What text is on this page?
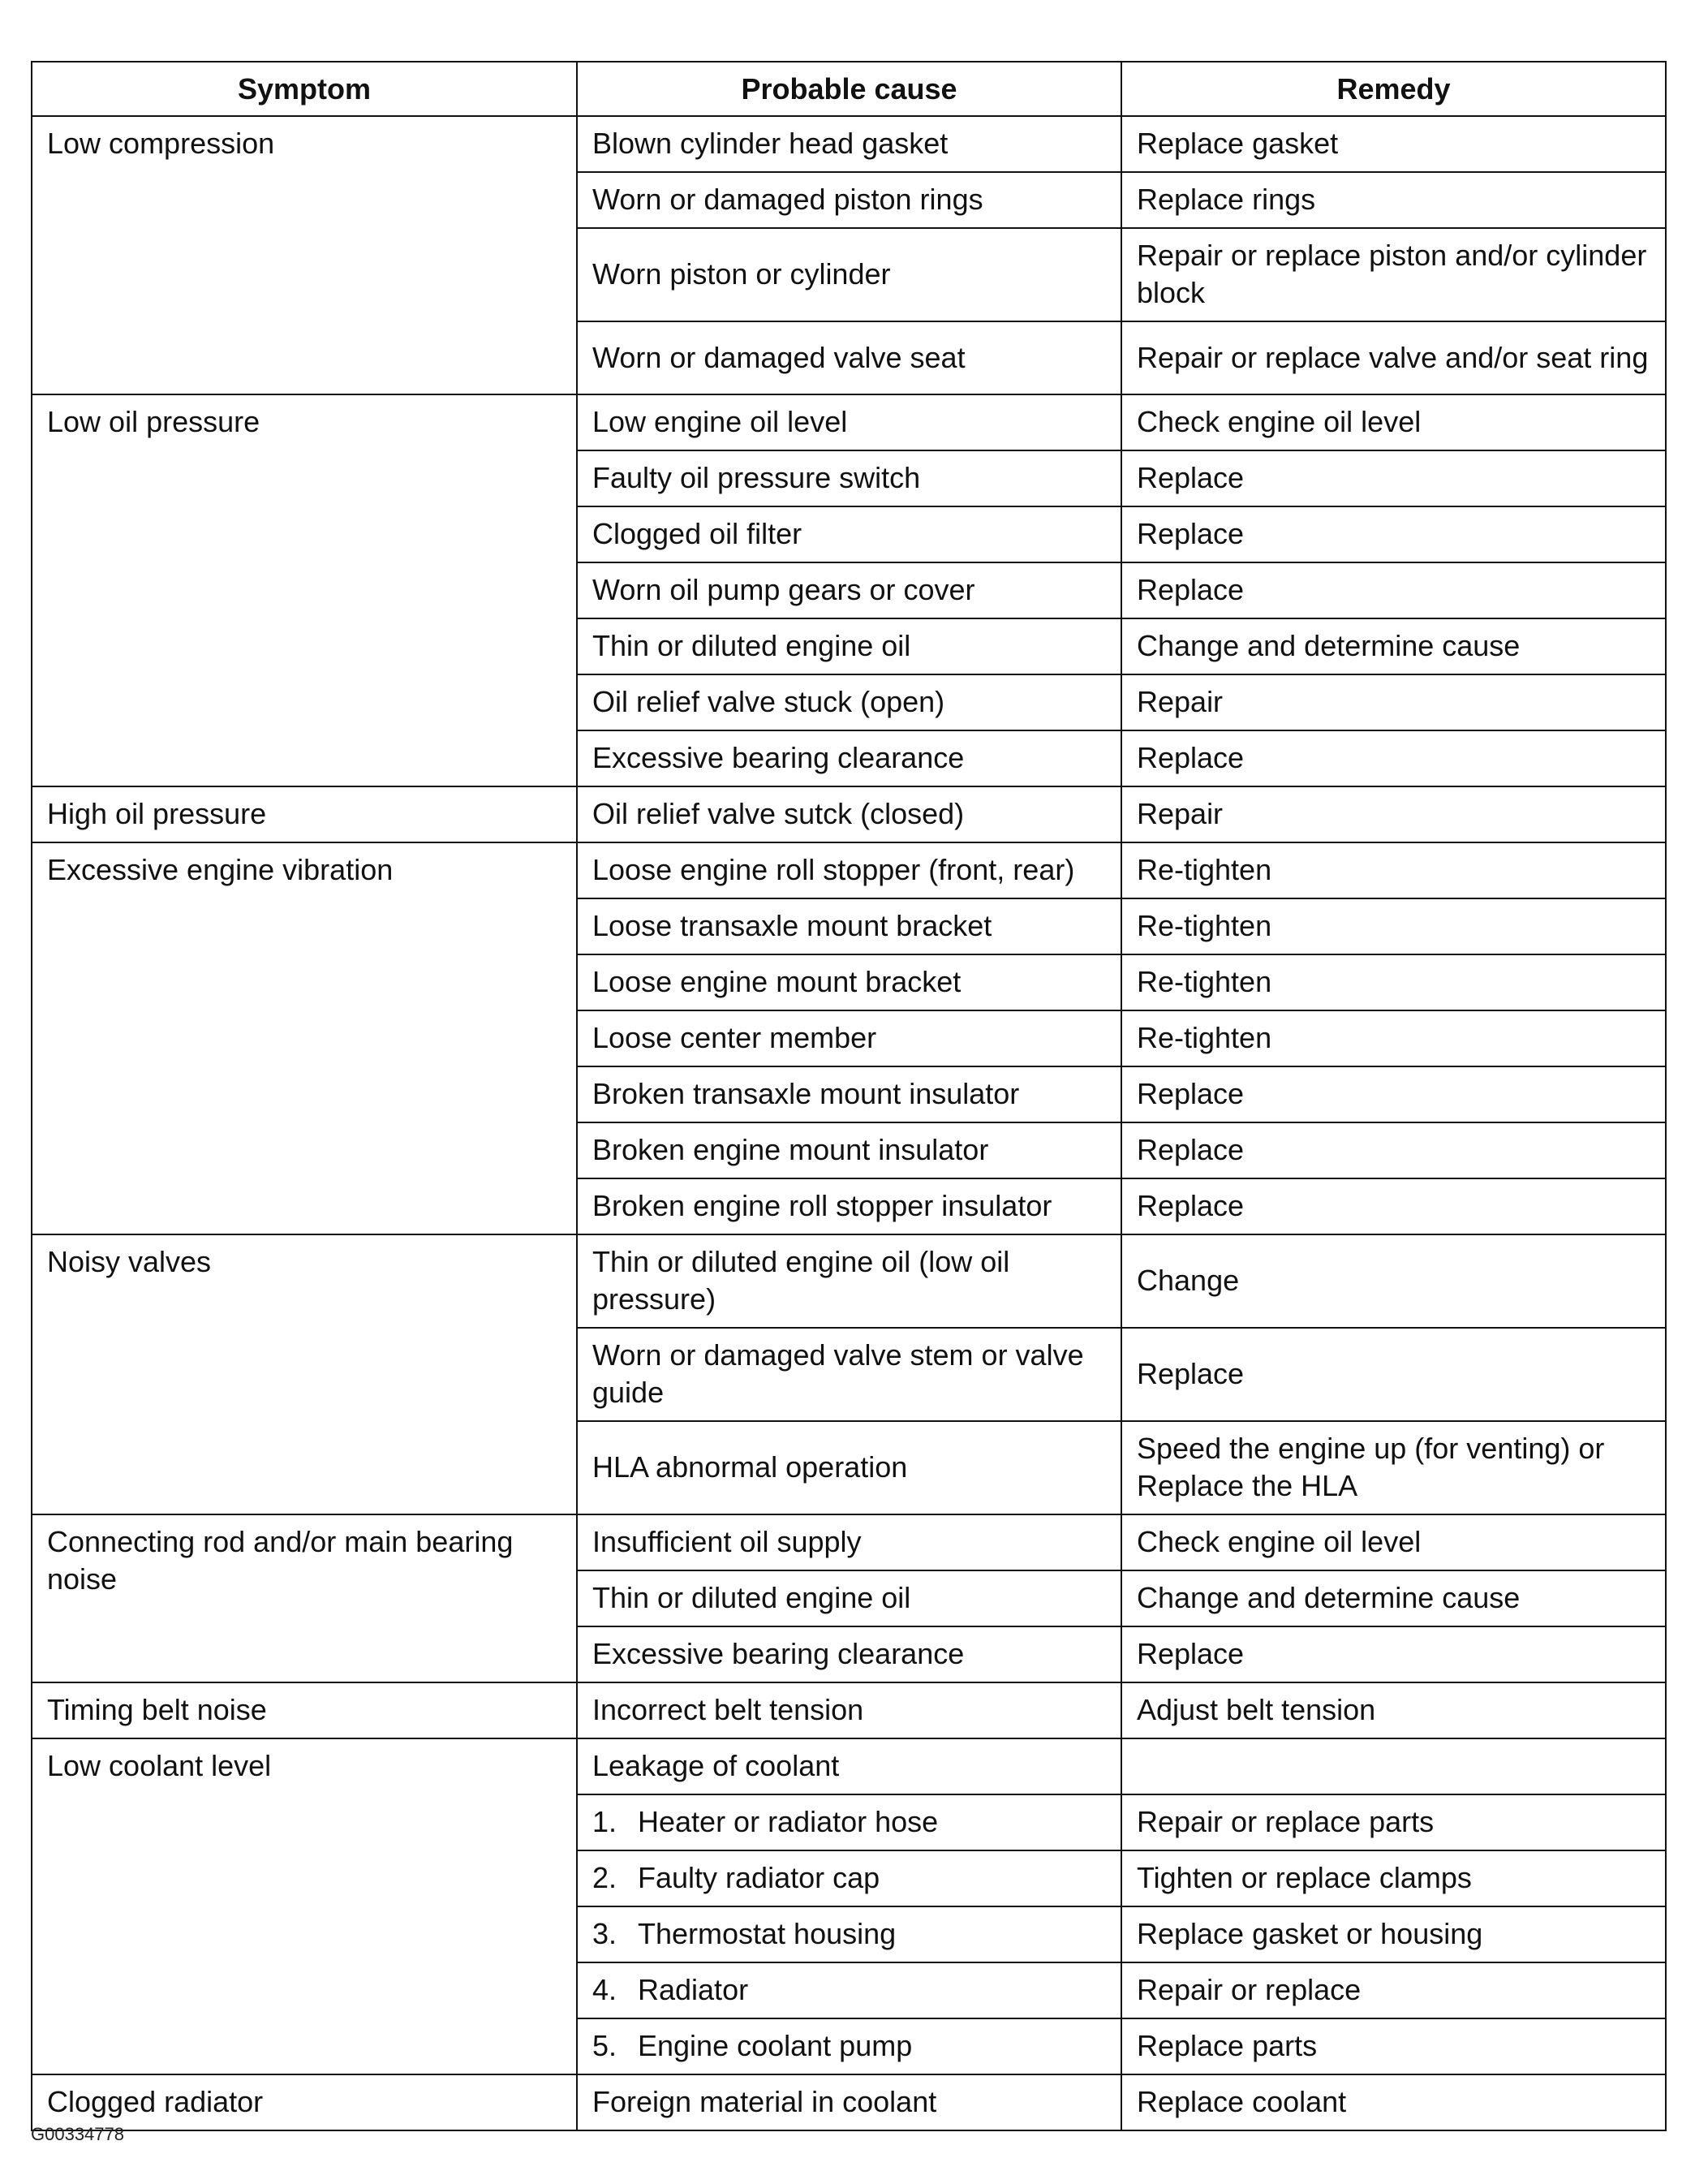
Symptom	Probable cause	Remedy
Low compression	Blown cylinder head gasket	Replace gasket
	Worn or damaged piston rings	Replace rings
	Worn piston or cylinder	Repair or replace piston and/or cylinder block
	Worn or damaged valve seat	Repair or replace valve and/or seat ring
Low oil pressure	Low engine oil level	Check engine oil level
	Faulty oil pressure switch	Replace
	Clogged oil filter	Replace
	Worn oil pump gears or cover	Replace
	Thin or diluted engine oil	Change and determine cause
	Oil relief valve stuck (open)	Repair
	Excessive bearing clearance	Replace
High oil pressure	Oil relief valve sutck (closed)	Repair
Excessive engine vibration	Loose engine roll stopper (front, rear)	Re-tighten
	Loose transaxle mount bracket	Re-tighten
	Loose engine mount bracket	Re-tighten
	Loose center member	Re-tighten
	Broken transaxle mount insulator	Replace
	Broken engine mount insulator	Replace
	Broken engine roll stopper insulator	Replace
Noisy valves	Thin or diluted engine oil (low oil pressure)	Change
	Worn or damaged valve stem or valve guide	Replace
	HLA abnormal operation	Speed the engine up (for venting) or Replace the HLA
Connecting rod and/or main bearing noise	Insufficient oil supply	Check engine oil level
	Thin or diluted engine oil	Change and determine cause
	Excessive bearing clearance	Replace
Timing belt noise	Incorrect belt tension	Adjust belt tension
Low coolant level	Leakage of coolant	
	1. Heater or radiator hose	Repair or replace parts
	2. Faulty radiator cap	Tighten or replace clamps
	3. Thermostat housing	Replace gasket or housing
	4. Radiator	Repair or replace
	5. Engine coolant pump	Replace parts
Clogged radiator	Foreign material in coolant	Replace coolant
G00334778
